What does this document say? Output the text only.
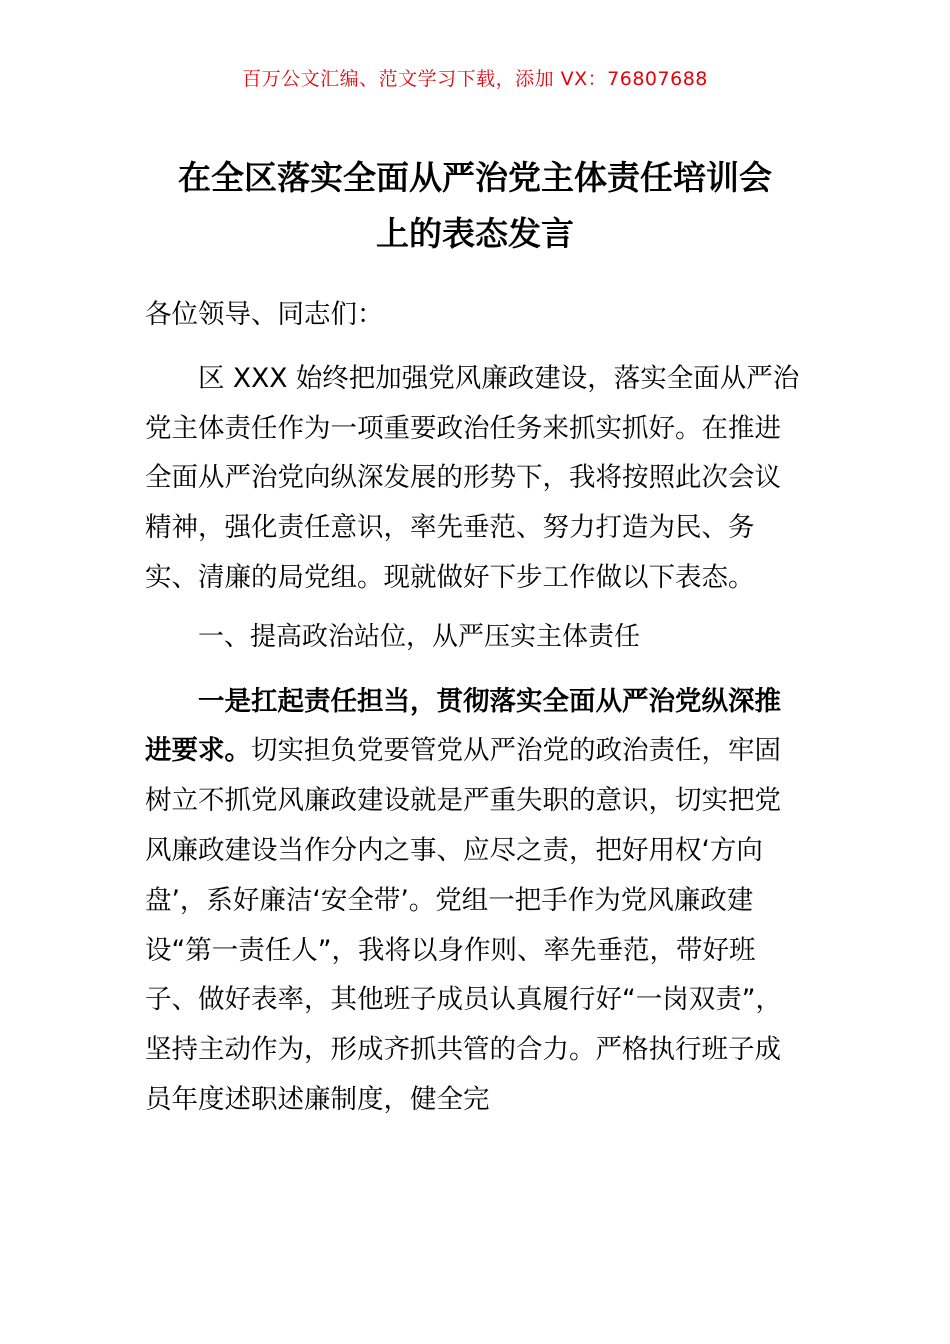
百万公文汇编、范文学习下载，添加 VX：76807688
在全区落实全面从严治党主体责任培训会
上的表态发言

各位领导、同志们：

区 XXX 始终把加强党风廉政建设，落实全面从严治党主体责任作为一项重要政治任务来抓实抓好。在推进全面从严治党向纵深发展的形势下，我将按照此次会议精神，强化责任意识，率先垂范、努力打造为民、务实、清廉的局党组。现就做好下步工作做以下表态。

一、提高政治站位，从严压实主体责任

一是扛起责任担当，贯彻落实全面从严治党纵深推进要求。切实担负党要管党从严治党的政治责任，牢固树立不抓党风廉政建设就是严重失职的意识，切实把党风廉政建设当作分内之事、应尽之责，把好用权‘方向盘’，系好廉洁‘安全带’。党组一把手作为党风廉政建设“第一责任人”，我将以身作则、率先垂范，带好班子、做好表率，其他班子成员认真履行好“一岗双责”，坚持主动作为，形成齐抓共管的合力。严格执行班子成员年度述职述廉制度，健全完
